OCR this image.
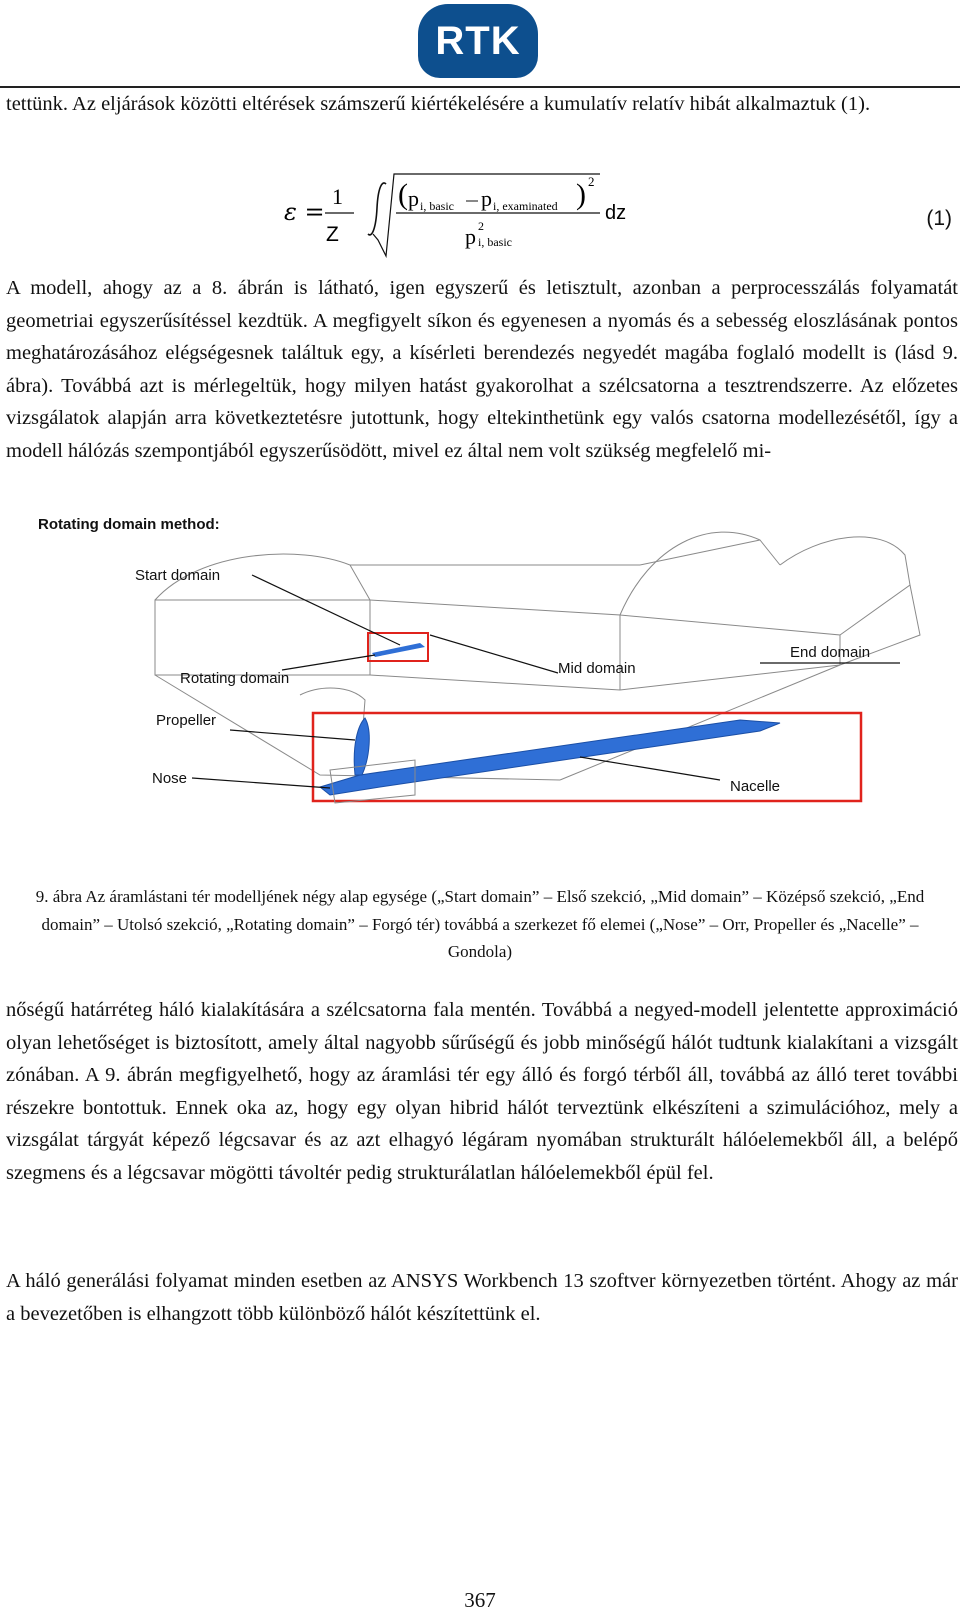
RTK

tettünk. Az eljárások közötti eltérések számszerű kiértékelésére a kumulatív relatív hibát alkalmaztuk (1).

ε =
1
Z
( p i, basic p i, examinated ) 2
dz
p 2
i, basic
(1)

A modell, ahogy az a 8. ábrán is látható, igen egyszerű és letisztult, azonban a perprocesszálás folyamatát geometriai egyszerűsítéssel kezdtük. A megfigyelt síkon és egyenesen a nyomás és a sebesség eloszlásának pontos meghatározásához elégségesnek találtuk egy, a kísérleti berendezés negyedét magába foglaló modellt is (lásd 9. ábra). Továbbá azt is mérlegeltük, hogy milyen hatást gyakorolhat a szélcsatorna a tesztrendszerre. Az előzetes vizsgálatok alapján arra következtetésre jutottunk, hogy eltekinthetünk egy valós csatorna modellezésétől, így a modell hálózás szempontjából egyszerűsödött, mivel ez által nem volt szükség megfelelő mi-

Rotating domain method:
Start domain
Rotating domain
Mid domain
End domain
Propeller
Nose	Nacelle

9. ábra Az áramlástani tér modelljének négy alap egysége („Start domain” – Első szekció, „Mid domain” – Középső szekció, „End domain” – Utolsó szekció, „Rotating domain” – Forgó tér) továbbá a szerkezet fő elemei („Nose” – Orr, Propeller és „Nacelle” – Gondola)

nőségű határréteg háló kialakítására a szélcsatorna fala mentén. Továbbá a negyed-modell jelentette approximáció olyan lehetőséget is biztosított, amely által nagyobb sűrűségű és jobb minőségű hálót tudtunk kialakítani a vizsgált zónában. A 9. ábrán megfigyelhető, hogy az áramlási tér egy álló és forgó térből áll, továbbá az álló teret további részekre bontottuk. Ennek oka az, hogy egy olyan hibrid hálót terveztünk elkészíteni a szimulációhoz, mely a vizsgálat tárgyát képező légcsavar és az azt elhagyó légáram nyomában strukturált hálóelemekből áll, a belépő szegmens és a légcsavar mögötti távoltér pedig strukturálatlan hálóelemekből épül fel.

A háló generálási folyamat minden esetben az ANSYS Workbench 13 szoftver környezetben történt. Ahogy az már a bevezetőben is elhangzott több különböző hálót készítettünk el.

367
